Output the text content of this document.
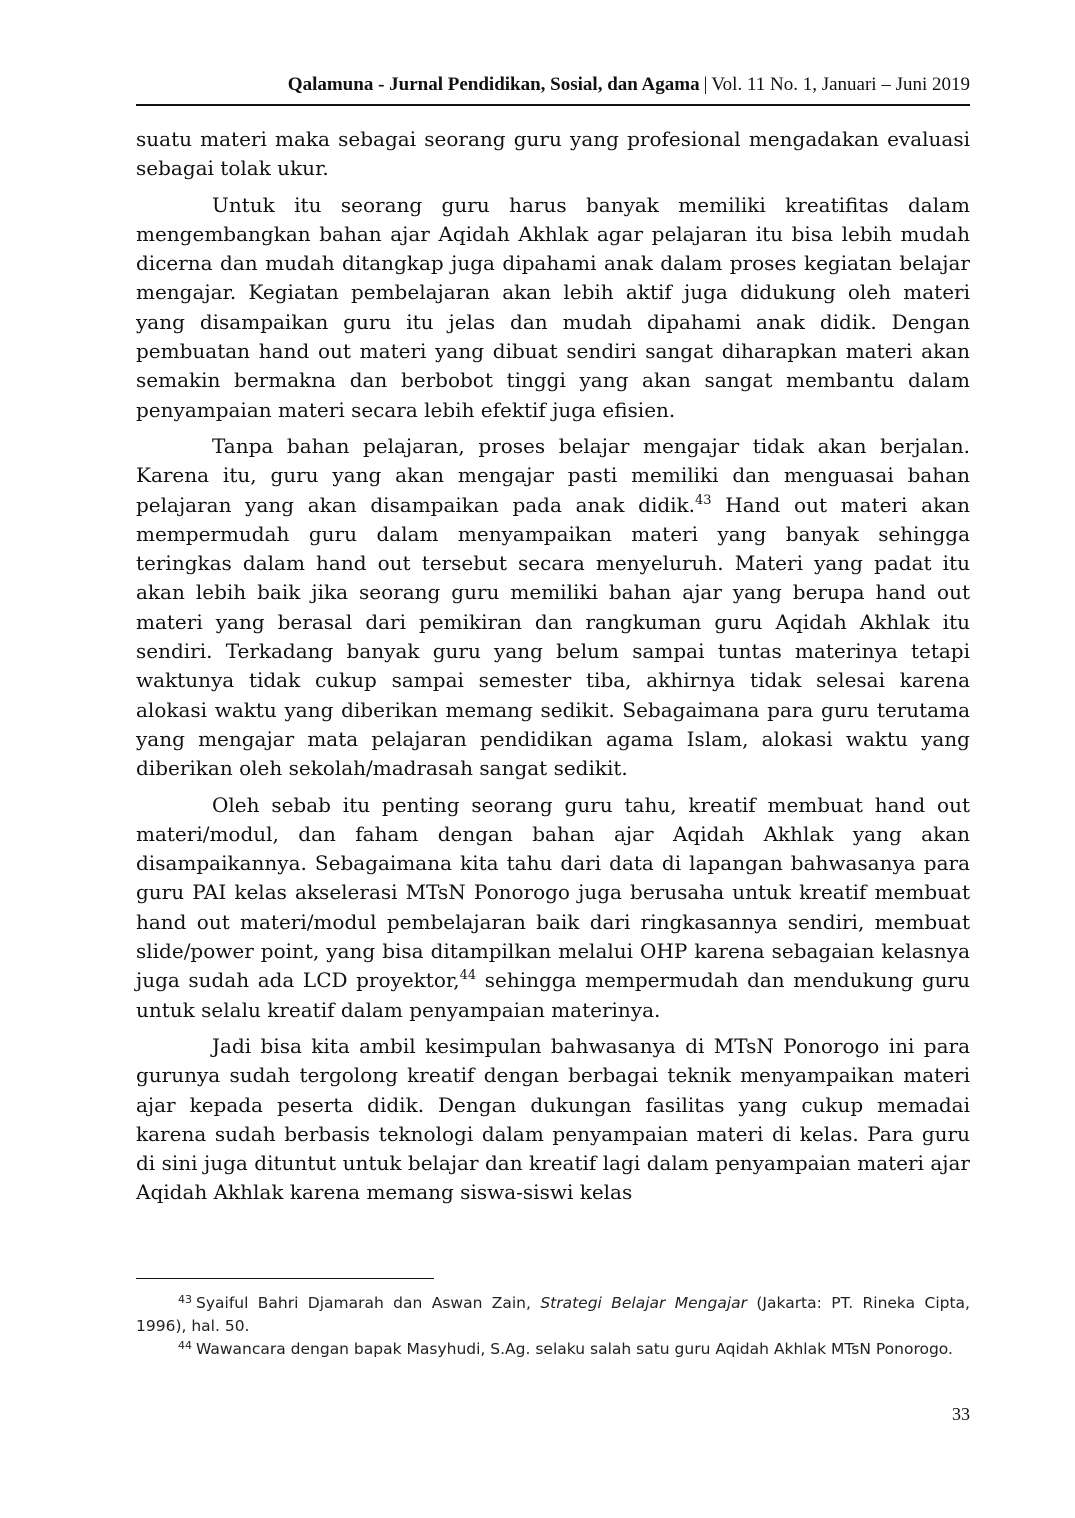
Qalamuna - Jurnal Pendidikan, Sosial, dan Agama | Vol. 11 No. 1, Januari – Juni 2019

suatu materi maka sebagai seorang guru yang profesional mengadakan evaluasi sebagai tolak ukur.

Untuk itu seorang guru harus banyak memiliki kreatifitas dalam mengembangkan bahan ajar Aqidah Akhlak agar pelajaran itu bisa lebih mudah dicerna dan mudah ditangkap juga dipahami anak dalam proses kegiatan belajar mengajar. Kegiatan pembelajaran akan lebih aktif juga didukung oleh materi yang disampaikan guru itu jelas dan mudah dipahami anak didik. Dengan pembuatan hand out materi yang dibuat sendiri sangat diharapkan materi akan semakin bermakna dan berbobot tinggi yang akan sangat membantu dalam penyampaian materi secara lebih efektif juga efisien.

Tanpa bahan pelajaran, proses belajar mengajar tidak akan berjalan. Karena itu, guru yang akan mengajar pasti memiliki dan menguasai bahan pelajaran yang akan disampaikan pada anak didik.$^{43}$ Hand out materi akan mempermudah guru dalam menyampaikan materi yang banyak sehingga teringkas dalam hand out tersebut secara menyeluruh. Materi yang padat itu akan lebih baik jika seorang guru memiliki bahan ajar yang berupa hand out materi yang berasal dari pemikiran dan rangkuman guru Aqidah Akhlak itu sendiri. Terkadang banyak guru yang belum sampai tuntas materinya tetapi waktunya tidak cukup sampai semester tiba, akhirnya tidak selesai karena alokasi waktu yang diberikan memang sedikit. Sebagaimana para guru terutama yang mengajar mata pelajaran pendidikan agama Islam, alokasi waktu yang diberikan oleh sekolah/madrasah sangat sedikit.

Oleh sebab itu penting seorang guru tahu, kreatif membuat hand out materi/modul, dan faham dengan bahan ajar Aqidah Akhlak yang akan disampaikannya. Sebagaimana kita tahu dari data di lapangan bahwasanya para guru PAI kelas akselerasi MTsN Ponorogo juga berusaha untuk kreatif membuat hand out materi/modul pembelajaran baik dari ringkasannya sendiri, membuat slide/power point, yang bisa ditampilkan melalui OHP karena sebagaian kelasnya juga sudah ada LCD proyektor,$^{44}$ sehingga mempermudah dan mendukung guru untuk selalu kreatif dalam penyampaian materinya.

Jadi bisa kita ambil kesimpulan bahwasanya di MTsN Ponorogo ini para gurunya sudah tergolong kreatif dengan berbagai teknik menyampaikan materi ajar kepada peserta didik. Dengan dukungan fasilitas yang cukup memadai karena sudah berbasis teknologi dalam penyampaian materi di kelas. Para guru di sini juga dituntut untuk belajar dan kreatif lagi dalam penyampaian materi ajar Aqidah Akhlak karena memang siswa-siswi kelas

$^{43}$ Syaiful Bahri Djamarah dan Aswan Zain, Strategi Belajar Mengajar (Jakarta: PT. Rineka Cipta, 1996), hal. 50.

$^{44}$ Wawancara dengan bapak Masyhudi, S.Ag. selaku salah satu guru Aqidah Akhlak MTsN Ponorogo.

33
